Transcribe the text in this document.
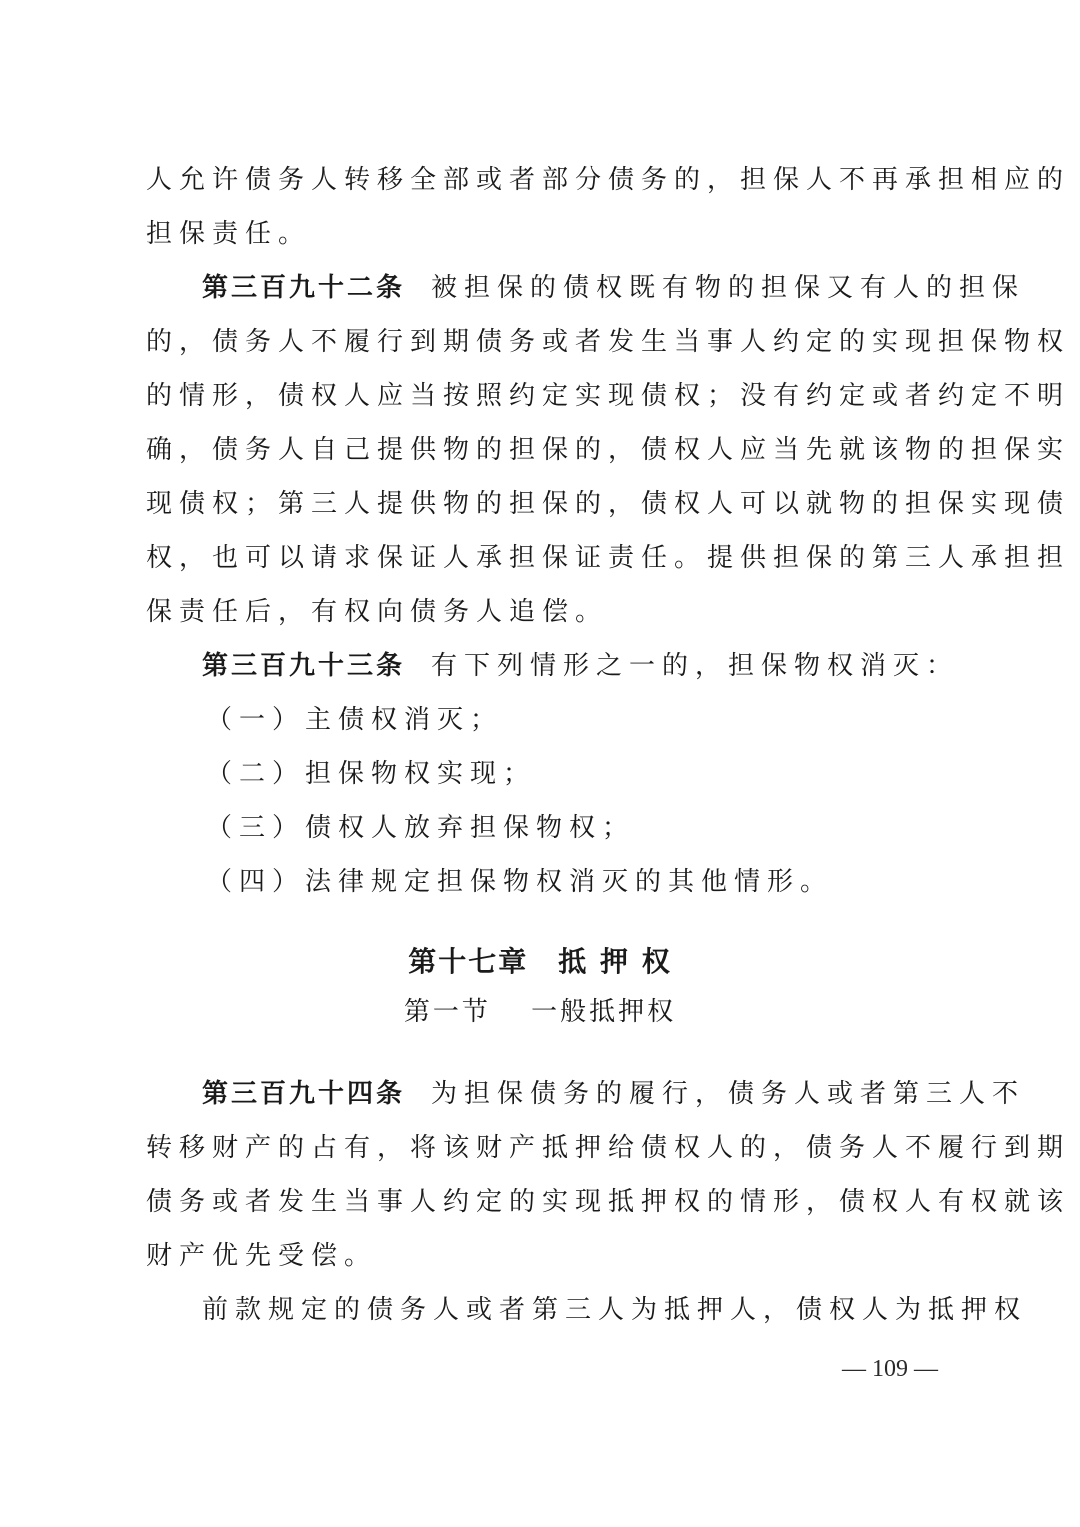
人允许债务人转移全部或者部分债务的，担保人不再承担相应的
担保责任。
第三百九十二条 被担保的债权既有物的担保又有人的担保
的，债务人不履行到期债务或者发生当事人约定的实现担保物权
的情形，债权人应当按照约定实现债权；没有约定或者约定不明
确，债务人自己提供物的担保的，债权人应当先就该物的担保实
现债权；第三人提供物的担保的，债权人可以就物的担保实现债
权，也可以请求保证人承担保证责任。提供担保的第三人承担担
保责任后，有权向债务人追偿。
第三百九十三条 有下列情形之一的，担保物权消灭：
（一）主债权消灭；
（二）担保物权实现；
（三）债权人放弃担保物权；
（四）法律规定担保物权消灭的其他情形。
第十七章　抵 押 权
第一节　 一般抵押权
第三百九十四条 为担保债务的履行，债务人或者第三人不
转移财产的占有，将该财产抵押给债权人的，债务人不履行到期
债务或者发生当事人约定的实现抵押权的情形，债权人有权就该
财产优先受偿。
前款规定的债务人或者第三人为抵押人，债权人为抵押权
— 109 —
